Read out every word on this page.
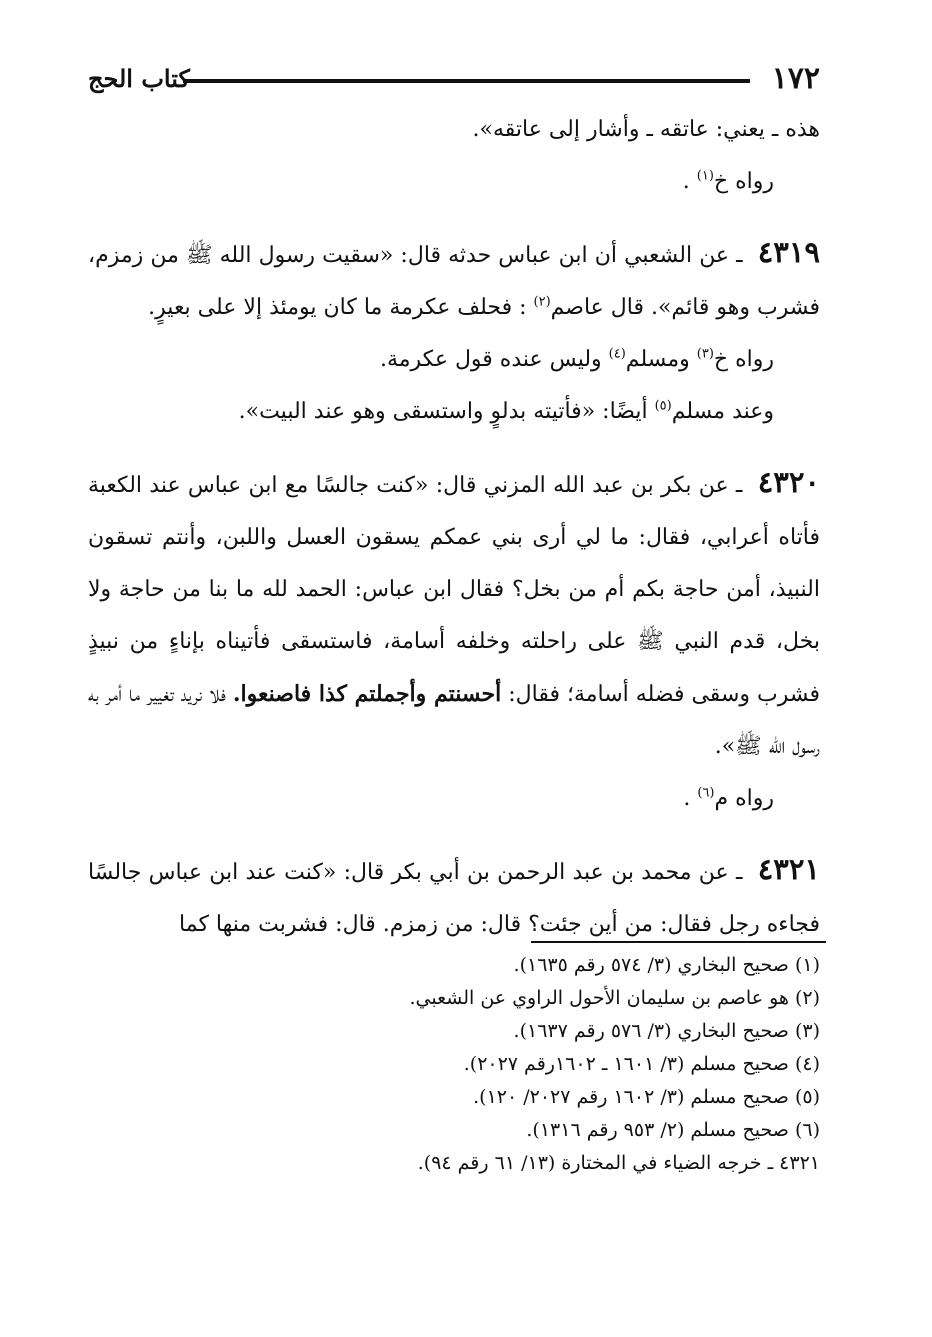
١٧٢
كتاب الحج

هذه ـ يعني: عاتقه ـ وأشار إلى عاتقه».

رواه خ$^{(١)}$ .

٤٣١٩ ـ عن الشعبي أن ابن عباس حدثه قال: «سقيت رسول الله ﷺ من زمزم، فشرب وهو قائم». قال عاصم$^{(٢)}$ : فحلف عكرمة ما كان يومئذ إلا على بعيرٍ.

رواه خ$^{(٣)}$ ومسلم$^{(٤)}$ وليس عنده قول عكرمة.

وعند مسلم$^{(٥)}$ أيضًا: «فأتيته بدلوٍ واستسقى وهو عند البيت».

٤٣٢٠ ـ عن بكر بن عبد الله المزني قال: «كنت جالسًا مع ابن عباس عند الكعبة فأتاه أعرابي، فقال: ما لي أرى بني عمكم يسقون العسل واللبن، وأنتم تسقون النبيذ، أمن حاجة بكم أم من بخل؟ فقال ابن عباس: الحمد لله ما بنا من حاجة ولا بخل، قدم النبي ﷺ على راحلته وخلفه أسامة، فاستسقى فأتيناه بإناءٍ من نبيذٍ فشرب وسقى فضله أسامة؛ فقال: أحسنتم وأجملتم كذا فاصنعوا. فلا نريد تغيير ما أمر به رسول الله ﷺ».

رواه م$^{(٦)}$ .

٤٣٢١ ـ عن محمد بن عبد الرحمن بن أبي بكر قال: «كنت عند ابن عباس جالسًا فجاءه رجل فقال: من أين جئت؟ قال: من زمزم. قال: فشربت منها كما

(١) صحيح البخاري (٣/ ٥٧٤ رقم ١٦٣٥).

(٢) هو عاصم بن سليمان الأحول الراوي عن الشعبي.

(٣) صحيح البخاري (٣/ ٥٧٦ رقم ١٦٣٧).

(٤) صحيح مسلم (٣/ ١٦٠١ ـ ١٦٠٢رقم ٢٠٢٧).

(٥) صحيح مسلم (٣/ ١٦٠٢ رقم ٢٠٢٧/ ١٢٠).

(٦) صحيح مسلم (٢/ ٩٥٣ رقم ١٣١٦).

٤٣٢١ ـ خرجه الضياء في المختارة (١٣/ ٦١ رقم ٩٤).
